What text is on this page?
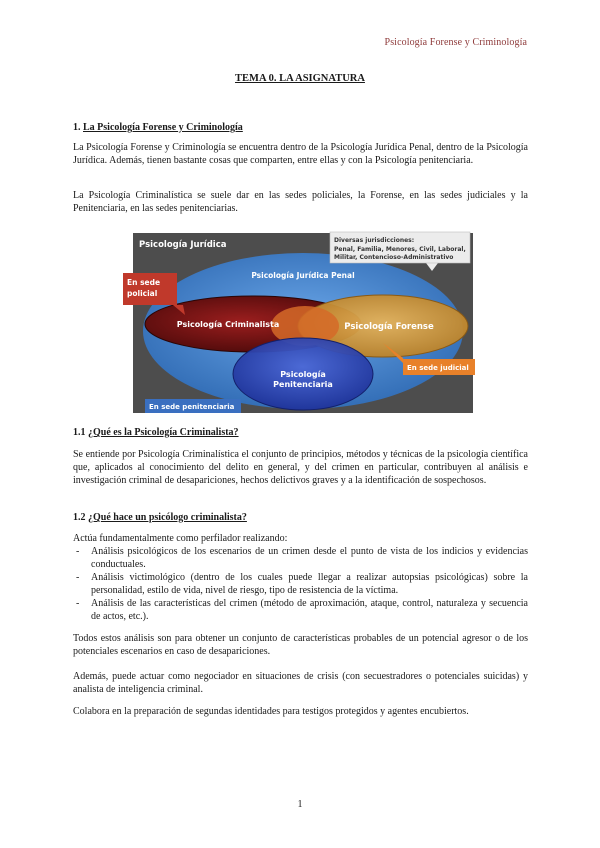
Psicología Forense y Criminología
TEMA 0. LA ASIGNATURA
1. La Psicología Forense y Criminología
La Psicología Forense y Criminología se encuentra dentro de la Psicología Jurídica Penal, dentro de la Psicología Jurídica. Además, tienen bastante cosas que comparten, entre ellas y con la Psicología penitenciaria.
La Psicología Criminalística se suele dar en las sedes policiales, la Forense, en las sedes judiciales y la Penitenciaria, en las sedes penitenciarias.
Psicología Jurídica	Diversas jurisdicciones:
Penal, Familia, Menores, Civil, Laboral,
Militar, Contencioso-Administrativo
Psicología Jurídica Penal
Psicología Criminalista	Psicología Forense
Psicología
Penitenciaria
En sede
policial
En sede judicial
En sede penitenciaria
1.1 ¿Qué es la Psicología Criminalista?
Se entiende por Psicología Criminalística el conjunto de principios, métodos y técnicas de la psicología científica que, aplicados al conocimiento del delito en general, y del crimen en particular, contribuyen al análisis e investigación criminal de desapariciones, hechos delictivos graves y a la identificación de sospechosos.
1.2 ¿Qué hace un psicólogo criminalista?
Actúa fundamentalmente como perfilador realizando:
- Análisis psicológicos de los escenarios de un crimen desde el punto de vista de los indicios y evidencias conductuales.
- Análisis victimológico (dentro de los cuales puede llegar a realizar autopsias psicológicas) sobre la personalidad, estilo de vida, nivel de riesgo, tipo de resistencia de la víctima.
- Análisis de las características del crimen (método de aproximación, ataque, control, naturaleza y secuencia de actos, etc.).
Todos estos análisis son para obtener un conjunto de características probables de un potencial agresor o de los potenciales escenarios en caso de desapariciones.
Además, puede actuar como negociador en situaciones de crisis (con secuestradores o potenciales suicidas) y analista de inteligencia criminal.
Colabora en la preparación de segundas identidades para testigos protegidos y agentes encubiertos.
1
